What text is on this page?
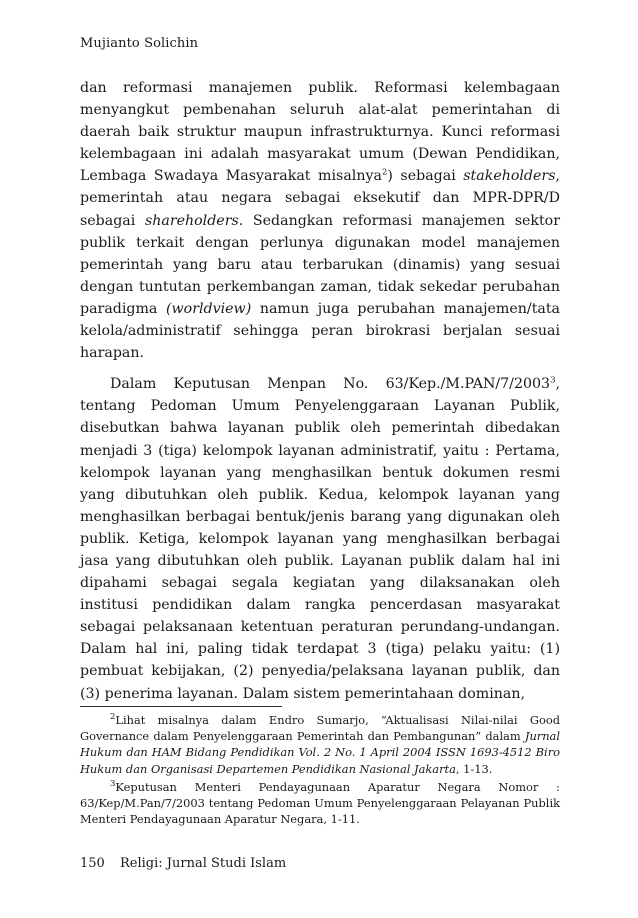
Mujianto Solichin

dan reformasi manajemen publik. Reformasi kelembagaan menyangkut pembenahan seluruh alat-alat pemerintahan di daerah baik struktur maupun infrastrukturnya. Kunci reformasi kelembagaan ini adalah masyarakat umum (Dewan Pendidikan, Lembaga Swadaya Masyarakat misalnya$^2$) sebagai stakeholders, pemerintah atau negara sebagai eksekutif dan MPR-DPR/D sebagai shareholders. Sedangkan reformasi manajemen sektor publik terkait dengan perlunya digunakan model manajemen pemerintah yang baru atau terbarukan (dinamis) yang sesuai dengan tuntutan perkembangan zaman, tidak sekedar perubahan paradigma (worldview) namun juga perubahan manajemen/tata kelola/administratif sehingga peran birokrasi berjalan sesuai harapan.

Dalam Keputusan Menpan No. 63/Kep./M.PAN/7/2003$^3$, tentang Pedoman Umum Penyelenggaraan Layanan Publik, disebutkan bahwa layanan publik oleh pemerintah dibedakan menjadi 3 (tiga) kelompok layanan administratif, yaitu : Pertama, kelompok layanan yang menghasilkan bentuk dokumen resmi yang dibutuhkan oleh publik. Kedua, kelompok layanan yang menghasilkan berbagai bentuk/jenis barang yang digunakan oleh publik. Ketiga, kelompok layanan yang menghasilkan berbagai jasa yang dibutuhkan oleh publik. Layanan publik dalam hal ini dipahami sebagai segala kegiatan yang dilaksanakan oleh institusi pendidikan dalam rangka pencerdasan masyarakat sebagai pelaksanaan ketentuan peraturan perundang-undangan. Dalam hal ini, paling tidak terdapat 3 (tiga) pelaku yaitu: (1) pembuat kebijakan, (2) penyedia/pelaksana layanan publik, dan (3) penerima layanan. Dalam sistem pemerintahaan dominan,

$^2$Lihat misalnya dalam Endro Sumarjo, “Aktualisasi Nilai-nilai Good Governance dalam Penyelenggaraan Pemerintah dan Pembangunan” dalam Jurnal Hukum dan HAM Bidang Pendidikan Vol. 2 No. 1 April 2004 ISSN 1693-4512 Biro Hukum dan Organisasi Departemen Pendidikan Nasional Jakarta, 1-13.

$^3$Keputusan Menteri Pendayagunaan Aparatur Negara Nomor : 63/Kep/M.Pan/7/2003 tentang Pedoman Umum Penyelenggaraan Pelayanan Publik Menteri Pendayagunaan Aparatur Negara, 1-11.

150 Religi: Jurnal Studi Islam
